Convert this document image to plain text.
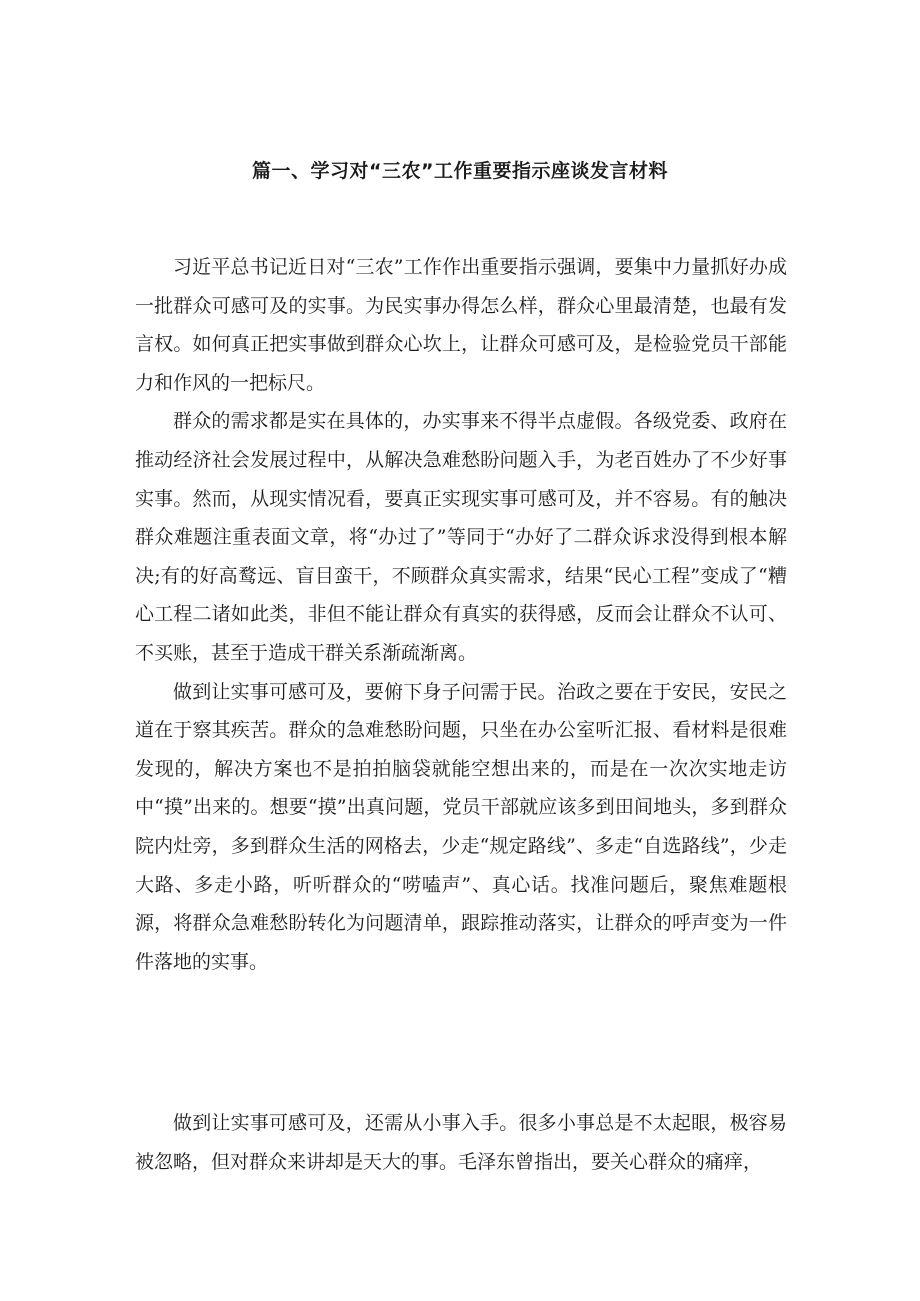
篇一、学习对“三农”工作重要指示座谈发言材料

习近平总书记近日对“三农”工作作出重要指示强调，要集中力量抓好办成一批群众可感可及的实事。为民实事办得怎么样，群众心里最清楚，也最有发言权。如何真正把实事做到群众心坎上，让群众可感可及，是检验党员干部能力和作风的一把标尺。

群众的需求都是实在具体的，办实事来不得半点虚假。各级党委、政府在推动经济社会发展过程中，从解决急难愁盼问题入手，为老百姓办了不少好事实事。然而，从现实情况看，要真正实现实事可感可及，并不容易。有的触决群众难题注重表面文章，将“办过了”等同于“办好了二群众诉求没得到根本解决;有的好高鹜远、盲目蛮干，不顾群众真实需求，结果“民心工程”变成了“糟心工程二诸如此类，非但不能让群众有真实的获得感，反而会让群众不认可、不买账，甚至于造成干群关系渐疏渐离。

做到让实事可感可及，要俯下身子问需于民。治政之要在于安民，安民之道在于察其疾苦。群众的急难愁盼问题，只坐在办公室听汇报、看材料是很难发现的，解决方案也不是拍拍脑袋就能空想出来的，而是在一次次实地走访中“摸”出来的。想要“摸”出真问题，党员干部就应该多到田间地头，多到群众院内灶旁，多到群众生活的网格去，少走“规定路线”、多走“自选路线”，少走大路、多走小路，听听群众的“唠嗑声”、真心话。找准问题后，聚焦难题根源，将群众急难愁盼转化为问题清单，跟踪推动落实，让群众的呼声变为一件件落地的实事。

做到让实事可感可及，还需从小事入手。很多小事总是不太起眼，极容易被忽略，但对群众来讲却是天大的事。毛泽东曾指出，要关心群众的痛痒，
